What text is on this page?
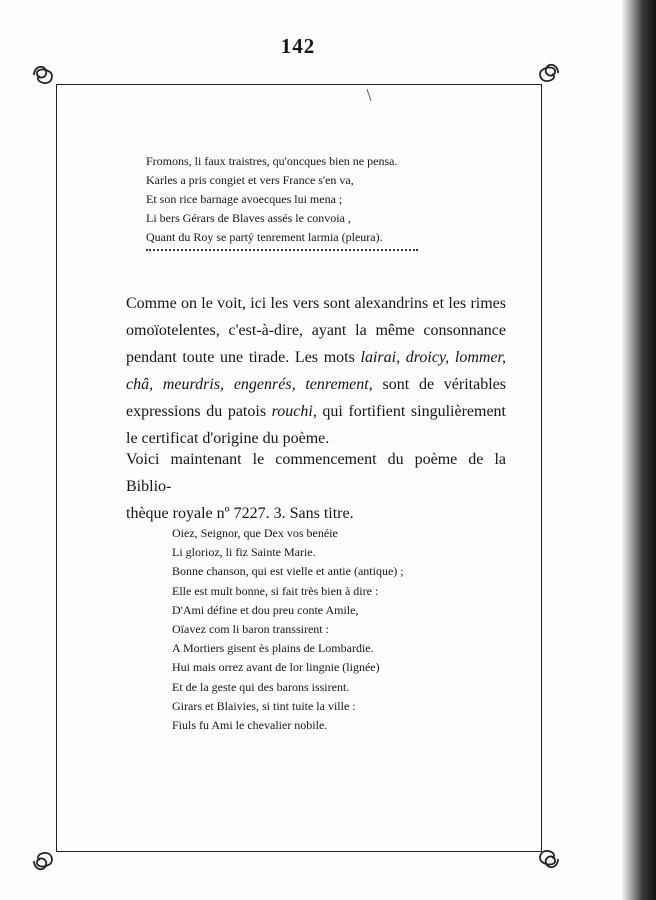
142
Fromons, li faux traistres, qu'oncques bien ne pensa.
Karles a pris congiet et vers France s'en va,
Et son rice barnage avoecques lui mena ;
Li bers Gérars de Blaves assés le convoia ,
Quant du Roy se partý tenrement larmia (pleura).

Comme on le voit, ici les vers sont alexandrins et les rimes omoïotelentes, c'est-à-dire, ayant la même consonnance pendant toute une tirade. Les mots lairai, droicy, lommer, châ, meurdris, engenrés, tenrement, sont de véritables expressions du patois rouchi, qui fortifient singulièrement le certificat d'origine du poème.

Voici maintenant le commencement du poème de la Biblio-
thèque royale nº 7227. 3. Sans titre.

Oiez, Seignor, que Dex vos benéie
Li glorioz, li fiz Sainte Marie.
Bonne chanson, qui est vielle et antie (antique) ;
Elle est mult bonne, si fait très bien à dire :
D'Ami défine et dou preu conte Amile,
Oïavez com li baron transsirent :
A Mortiers gisent ès plains de Lombardie.
Hui mais orrez avant de lor lingnie (lignée)
Et de la geste qui des barons issirent.
Girars et Blaivies, si tint tuite la ville :
Fiuls fu Ami le chevalier nobile.
